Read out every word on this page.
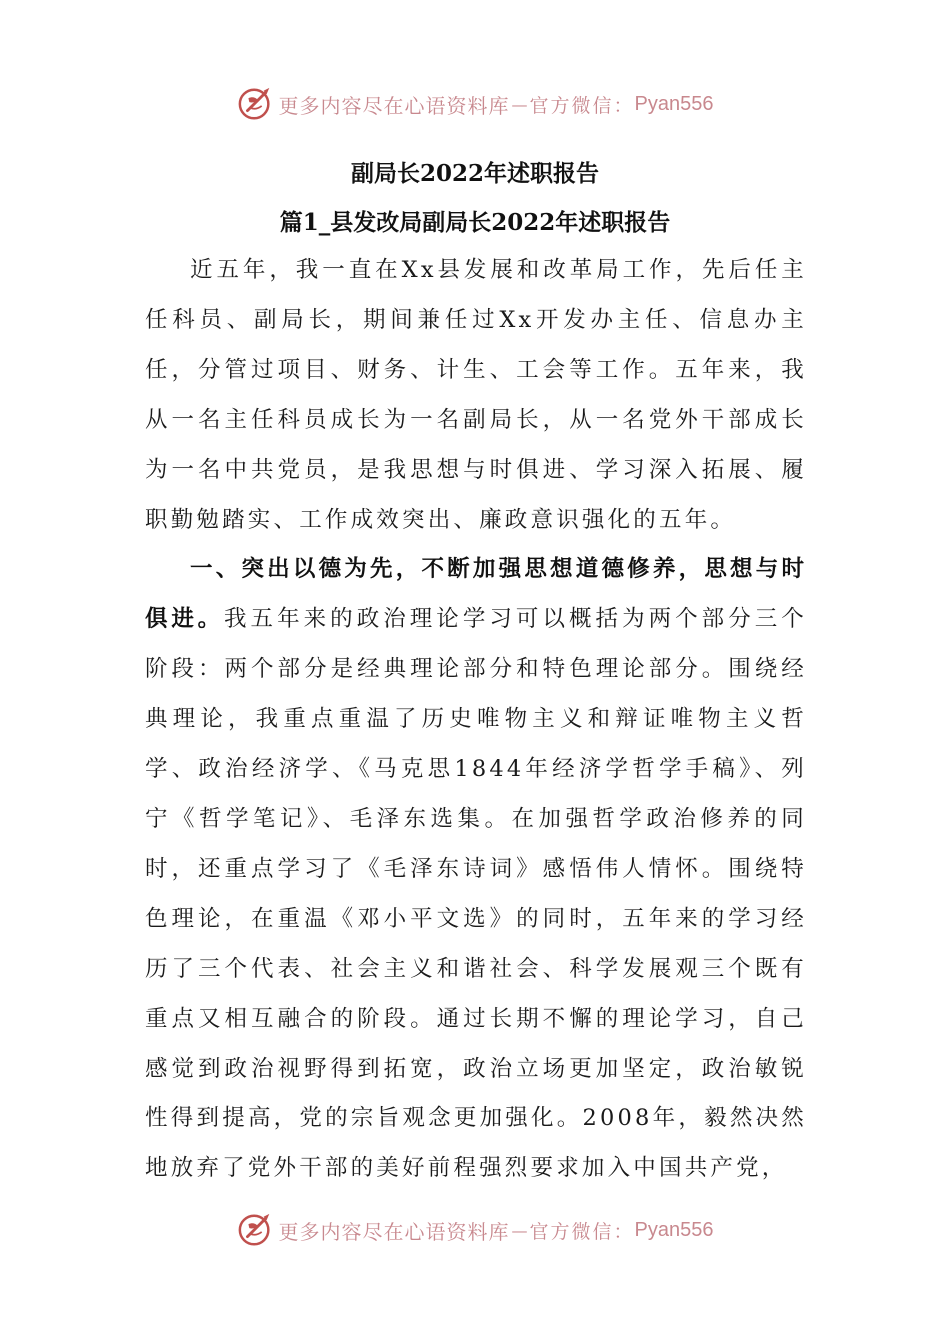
更多内容尽在心语资料库 — 官方微信： Pyan556
副局长2022年述职报告
篇1_县发改局副局长2022年述职报告

近五年，我一直在Xx县发展和改革局工作，先后任主任科员、副局长，期间兼任过Xx开发办主任、信息办主任，分管过项目、财务、计生、工会等工作。五年来，我从一名主任科员成长为一名副局长，从一名党外干部成长为一名中共党员，是我思想与时俱进、学习深入拓展、履职勤勉踏实、工作成效突出、廉政意识强化的五年。

一、突出以德为先，不断加强思想道德修养，思想与时俱进。我五年来的政治理论学习可以概括为两个部分三个阶段：两个部分是经典理论部分和特色理论部分。围绕经典理论，我重点重温了历史唯物主义和辩证唯物主义哲学、政治经济学、《马克思1844年经济学哲学手稿》、列宁《哲学笔记》、毛泽东选集。在加强哲学政治修养的同时，还重点学习了《毛泽东诗词》感悟伟人情怀。围绕特色理论，在重温《邓小平文选》的同时，五年来的学习经历了三个代表、社会主义和谐社会、科学发展观三个既有重点又相互融合的阶段。通过长期不懈的理论学习，自己感觉到政治视野得到拓宽，政治立场更加坚定，政治敏锐性得到提高，党的宗旨观念更加强化。2008年，毅然决然地放弃了党外干部的美好前程强烈要求加入中国共产党，

更多内容尽在心语资料库 — 官方微信： Pyan556
